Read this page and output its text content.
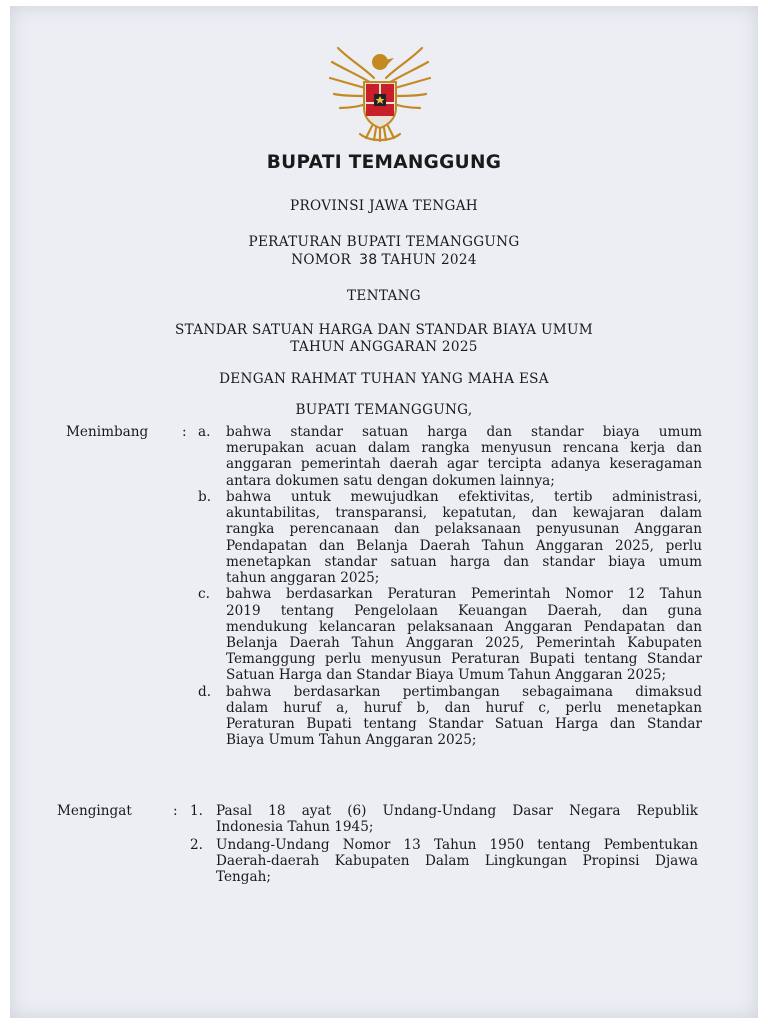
BUPATI TEMANGGUNG
PROVINSI JAWA TENGAH
PERATURAN BUPATI TEMANGGUNG
NOMOR 38 TAHUN 2024
TENTANG
STANDAR SATUAN HARGA DAN STANDAR BIAYA UMUM
TAHUN ANGGARAN 2025
DENGAN RAHMAT TUHAN YANG MAHA ESA
BUPATI TEMANGGUNG,
Menimbang : a. bahwa standar satuan harga dan standar biaya umum
merupakan acuan dalam rangka menyusun rencana kerja dan
anggaran pemerintah daerah agar tercipta adanya keseragaman
antara dokumen satu dengan dokumen lainnya;
b. bahwa untuk mewujudkan efektivitas, tertib administrasi,
akuntabilitas, transparansi, kepatutan, dan kewajaran dalam
rangka perencanaan dan pelaksanaan penyusunan Anggaran
Pendapatan dan Belanja Daerah Tahun Anggaran 2025, perlu
menetapkan standar satuan harga dan standar biaya umum
tahun anggaran 2025;
c. bahwa berdasarkan Peraturan Pemerintah Nomor 12 Tahun
2019 tentang Pengelolaan Keuangan Daerah, dan guna
mendukung kelancaran pelaksanaan Anggaran Pendapatan dan
Belanja Daerah Tahun Anggaran 2025, Pemerintah Kabupaten
Temanggung perlu menyusun Peraturan Bupati tentang Standar
Satuan Harga dan Standar Biaya Umum Tahun Anggaran 2025;
d. bahwa berdasarkan pertimbangan sebagaimana dimaksud
dalam huruf a, huruf b, dan huruf c, perlu menetapkan
Peraturan Bupati tentang Standar Satuan Harga dan Standar
Biaya Umum Tahun Anggaran 2025;
Mengingat	: 1. Pasal 18 ayat (6) Undang-Undang Dasar Negara Republik
Indonesia Tahun 1945;
2. Undang-Undang Nomor 13 Tahun 1950 tentang Pembentukan
Daerah-daerah Kabupaten Dalam Lingkungan Propinsi Djawa
Tengah;
